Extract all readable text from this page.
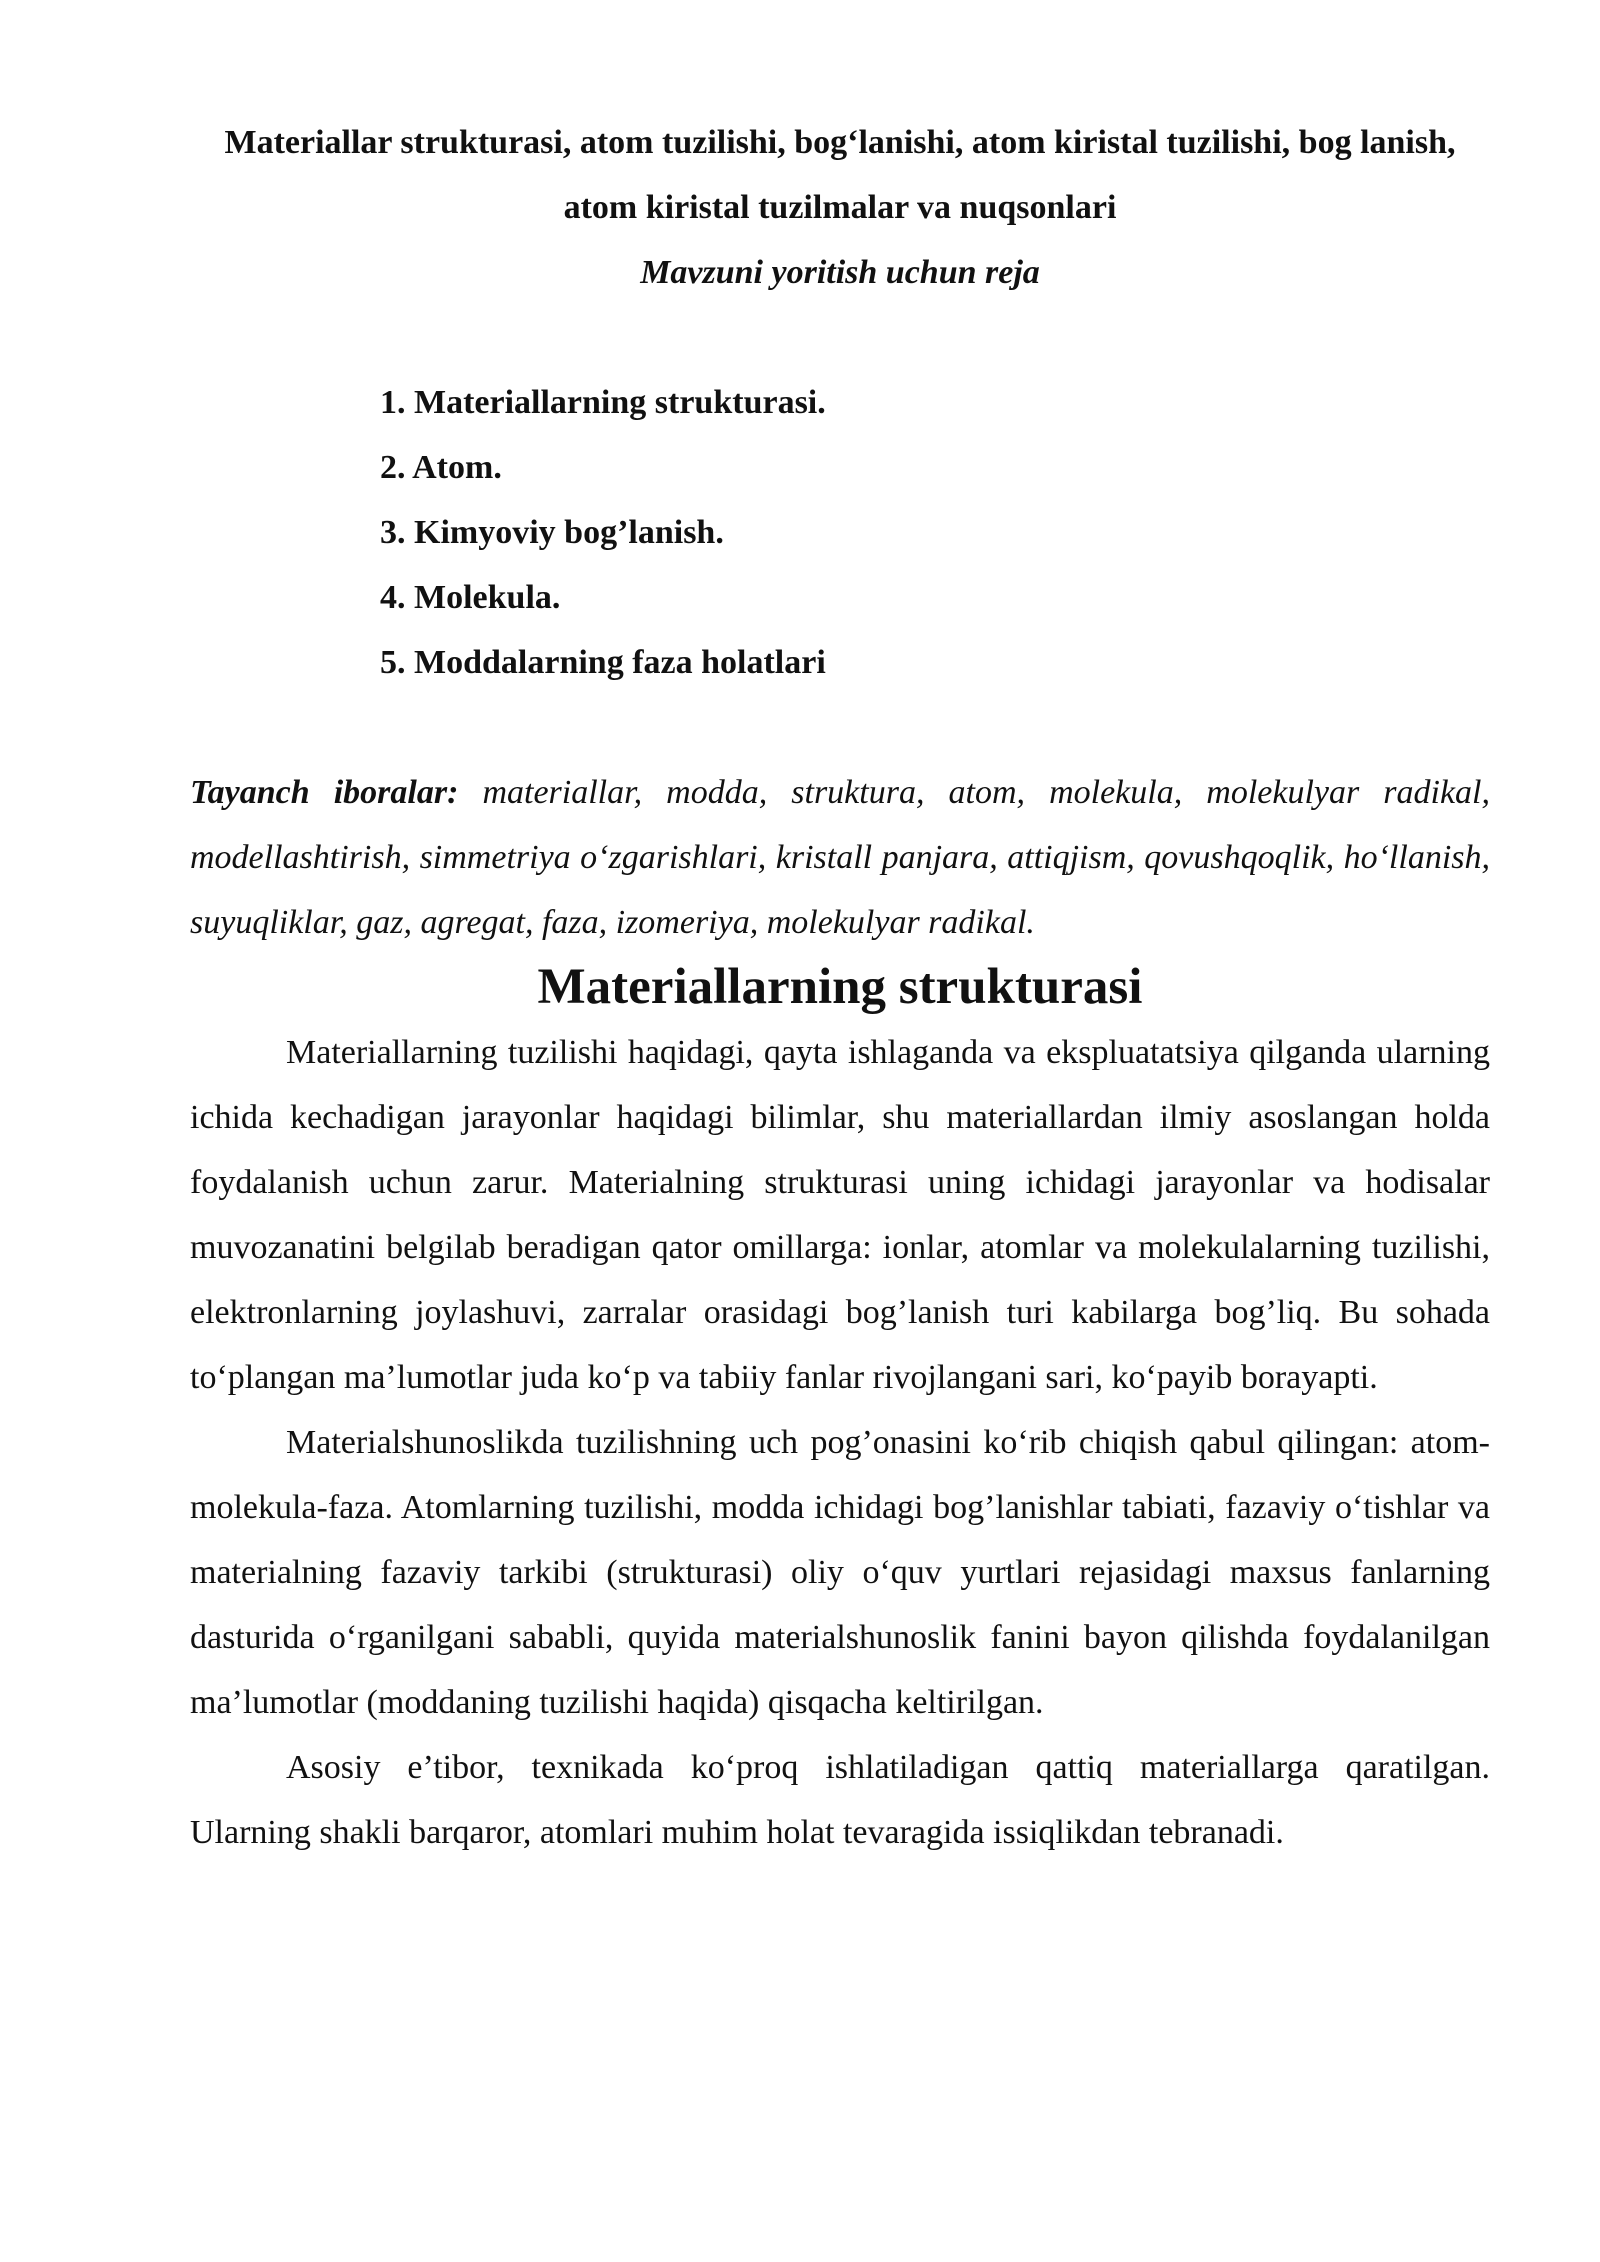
Materiallar strukturasi, atom tuzilishi, bog‘lanishi, atom kiristal tuzilishi, bog lanish, atom kiristal tuzilmalar va nuqsonlari

Mavzuni yoritish uchun reja

1. Materiallarning strukturasi.
2. Atom.
3. Kimyoviy bog’lanish.
4. Molekula.
5. Moddalarning faza holatlari

Tayanch iboralar: materiallar, modda, struktura, atom, molekula, molekulyar radikal, modellashtirish, simmetriya o‘zgarishlari, kristall panjara, attiqjism, qovushqoqlik, ho‘llanish, suyuqliklar, gaz, agregat, faza, izomeriya, molekulyar radikal.

Materiallarning strukturasi

Materiallarning tuzilishi haqidagi, qayta ishlaganda va ekspluatatsiya qilganda ularning ichida kechadigan jarayonlar haqidagi bilimlar, shu materiallardan ilmiy asoslangan holda foydalanish uchun zarur. Materialning strukturasi uning ichidagi jarayonlar va hodisalar muvozanatini belgilab beradigan qator omillarga: ionlar, atomlar va molekulalarning tuzilishi, elektronlarning joylashuvi, zarralar orasidagi bog’lanish turi kabilarga bog’liq. Bu sohada to‘plangan ma’lumotlar juda ko‘p va tabiiy fanlar rivojlangani sari, ko‘payib borayapti.

Materialshunoslikda tuzilishning uch pog’onasini ko‘rib chiqish qabul qilingan: atom-molekula-faza. Atomlarning tuzilishi, modda ichidagi bog’lanishlar tabiati, fazaviy o‘tishlar va materialning fazaviy tarkibi (strukturasi) oliy o‘quv yurtlari rejasidagi maxsus fanlarning dasturida o‘rganilgani sababli, quyida materialshunoslik fanini bayon qilishda foydalanilgan ma’lumotlar (moddaning tuzilishi haqida) qisqacha keltirilgan.

Asosiy e’tibor, texnikada ko‘proq ishlatiladigan qattiq materiallarga qaratilgan. Ularning shakli barqaror, atomlari muhim holat tevaragida issiqlikdan tebranadi.
